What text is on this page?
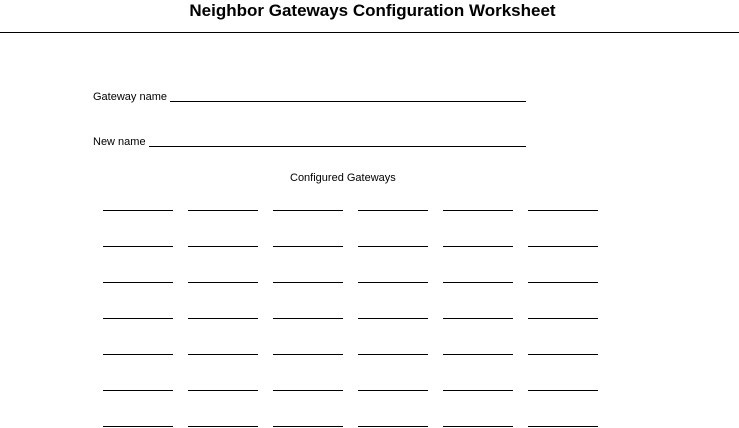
Neighbor Gateways Configuration Worksheet
Gateway name
New name
Configured Gateways
